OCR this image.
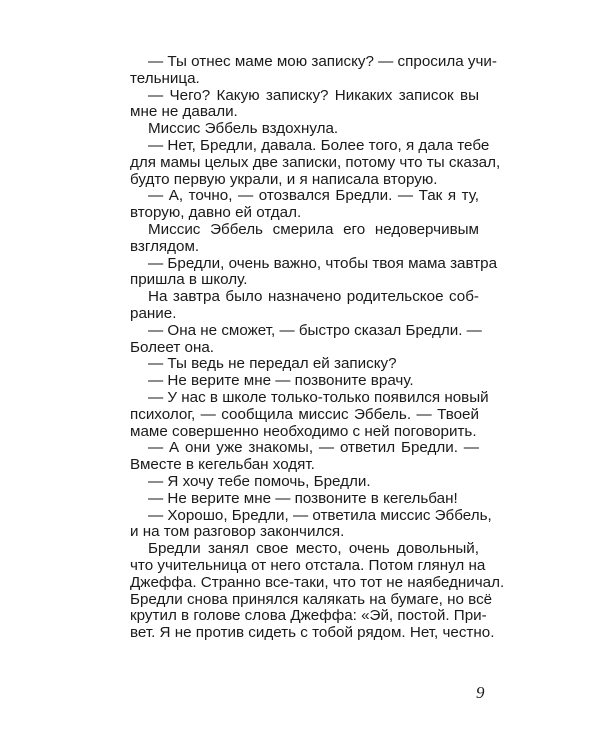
— Ты отнес маме мою записку? — спросила учи-
тельница.
— Чего? Какую записку? Никаких записок вы
мне не давали.
Миссис Эббель вздохнула.
— Нет, Бредли, давала. Более того, я дала тебе
для мамы целых две записки, потому что ты сказал,
будто первую украли, и я написала вторую.
— А, точно, — отозвался Бредли. — Так я ту,
вторую, давно ей отдал.
Миссис Эббель смерила его недоверчивым
взглядом.
— Бредли, очень важно, чтобы твоя мама завтра
пришла в школу.
На завтра было назначено родительское соб-
рание.
— Она не сможет, — быстро сказал Бредли. —
Болеет она.
— Ты ведь не передал ей записку?
— Не верите мне — позвоните врачу.
— У нас в школе только-только появился новый
психолог, — сообщила миссис Эббель. — Твоей
маме совершенно необходимо с ней поговорить.
— А они уже знакомы, — ответил Бредли. —
Вместе в кегельбан ходят.
— Я хочу тебе помочь, Бредли.
— Не верите мне — позвоните в кегельбан!
— Хорошо, Бредли, — ответила миссис Эббель,
и на том разговор закончился.
Бредли занял свое место, очень довольный,
что учительница от него отстала. Потом глянул на
Джеффа. Странно все-таки, что тот не наябедничал.
Бредли снова принялся калякать на бумаге, но всё
крутил в голове слова Джеффа: «Эй, постой. При-
вет. Я не против сидеть с тобой рядом. Нет, честно.
9
